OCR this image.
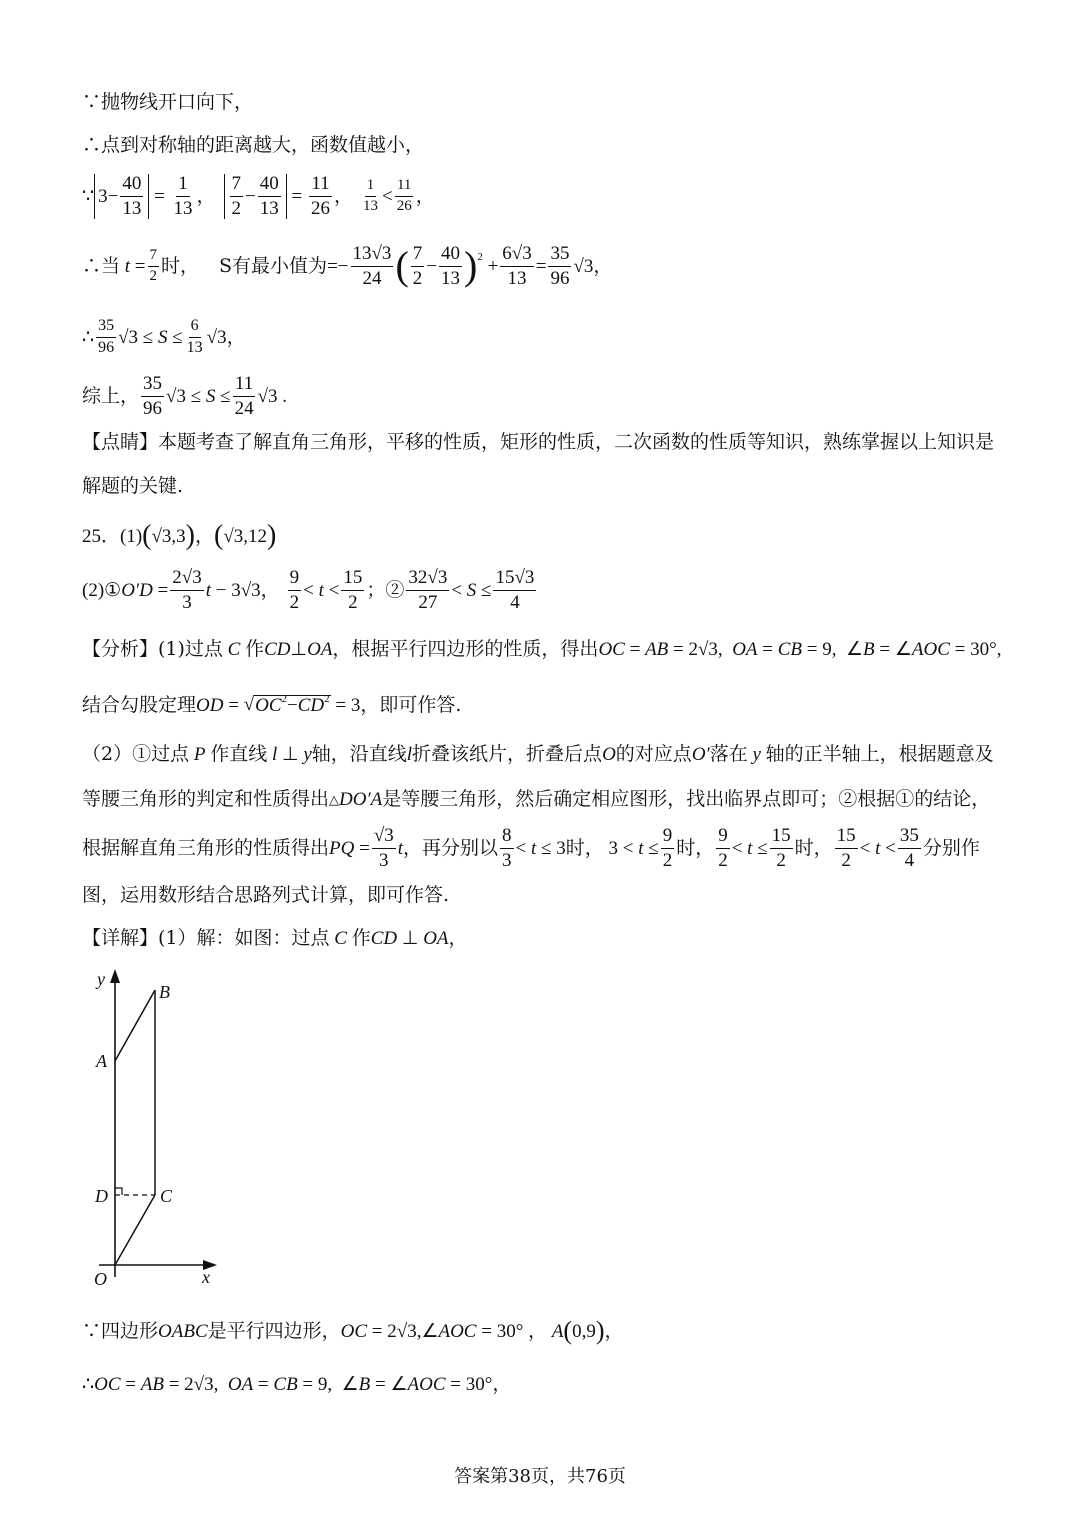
∵抛物线开口向下，
∴点到对称轴的距离越大，函数值越小，
∵ $3- \frac{40}{13} = \frac{1}{13}$ ， $\frac{7}{2} - \frac{40}{13} = \frac{11}{26}$ ， $\frac{1}{13} < \frac{11}{26}$ ，
∴当 $t = \frac{7}{2}$ 时， S有最小值为 =− $\frac{13√3}{24}$ ( $\frac{7}{2} - \frac{40}{13}$ ) $2 + \frac{6√3}{13} = \frac{35}{96} √3$ ，
∴ $\frac{35}{96} √3 \le S \le \frac{6}{13} √3$ ，
综上， $\frac{35}{96} √3 \le S \le \frac{11}{24} √3$ .
【点睛】本题考查了解直角三角形，平移的性质，矩形的性质，二次函数的性质等知识，熟练掌握以上知识是
解题的关键.
25．(1) ( √3,3 ) ， ( √3,12 )
(2)① $O'D = \frac{2√3}{3}$ t − 3√3 ， $\frac{9}{2} < t < \frac{15}{2}$ ；② $\frac{32√3}{27} < S \le \frac{15√3}{4}$
【分析】(1)过点 C 作 CD ⊥ OA ，根据平行四边形的性质，得出 OC = AB = 2√3, OA = CB = 9,  ∠ B = ∠ AOC = 30°,
结合勾股定理 OD = √ $OC^2-CD^2 = 3$ ，即可作答.
（2）①过点 P 作直线 l ⊥ y 轴，沿直线 l 折叠该纸片，折叠后点 O 的对应点 O′ 落在 y 轴的正半轴上，根据题意及
等腰三角形的判定和性质得出 △ DO′A 是等腰三角形，然后确定相应图形，找出临界点即可；②根据①的结论，
根据解直角三角形的性质得出 PQ = $\frac{√3}{3}$ t ，再分别以 $\frac{8}{3} < t \le 3$ 时， $3 < t \le \frac{9}{2}$ 时， $\frac{9}{2} < t \le \frac{15}{2}$ 时， $\frac{15}{2} < t < \frac{35}{4}$ 分别作
图，运用数形结合思路列式计算，即可作答.
【详解】(1）解：如图：过点 C 作 CD ⊥ OA ，
y
B
A
D	C
O	x
∵四边形 OABC 是平行四边形， OC = 2√3,∠ AOC = 30° ， A ( 0,9 ) ，
∴ OC = AB = 2√3, OA = CB = 9,  ∠ B = ∠ AOC = 30° ，
答案第38页，共76页
